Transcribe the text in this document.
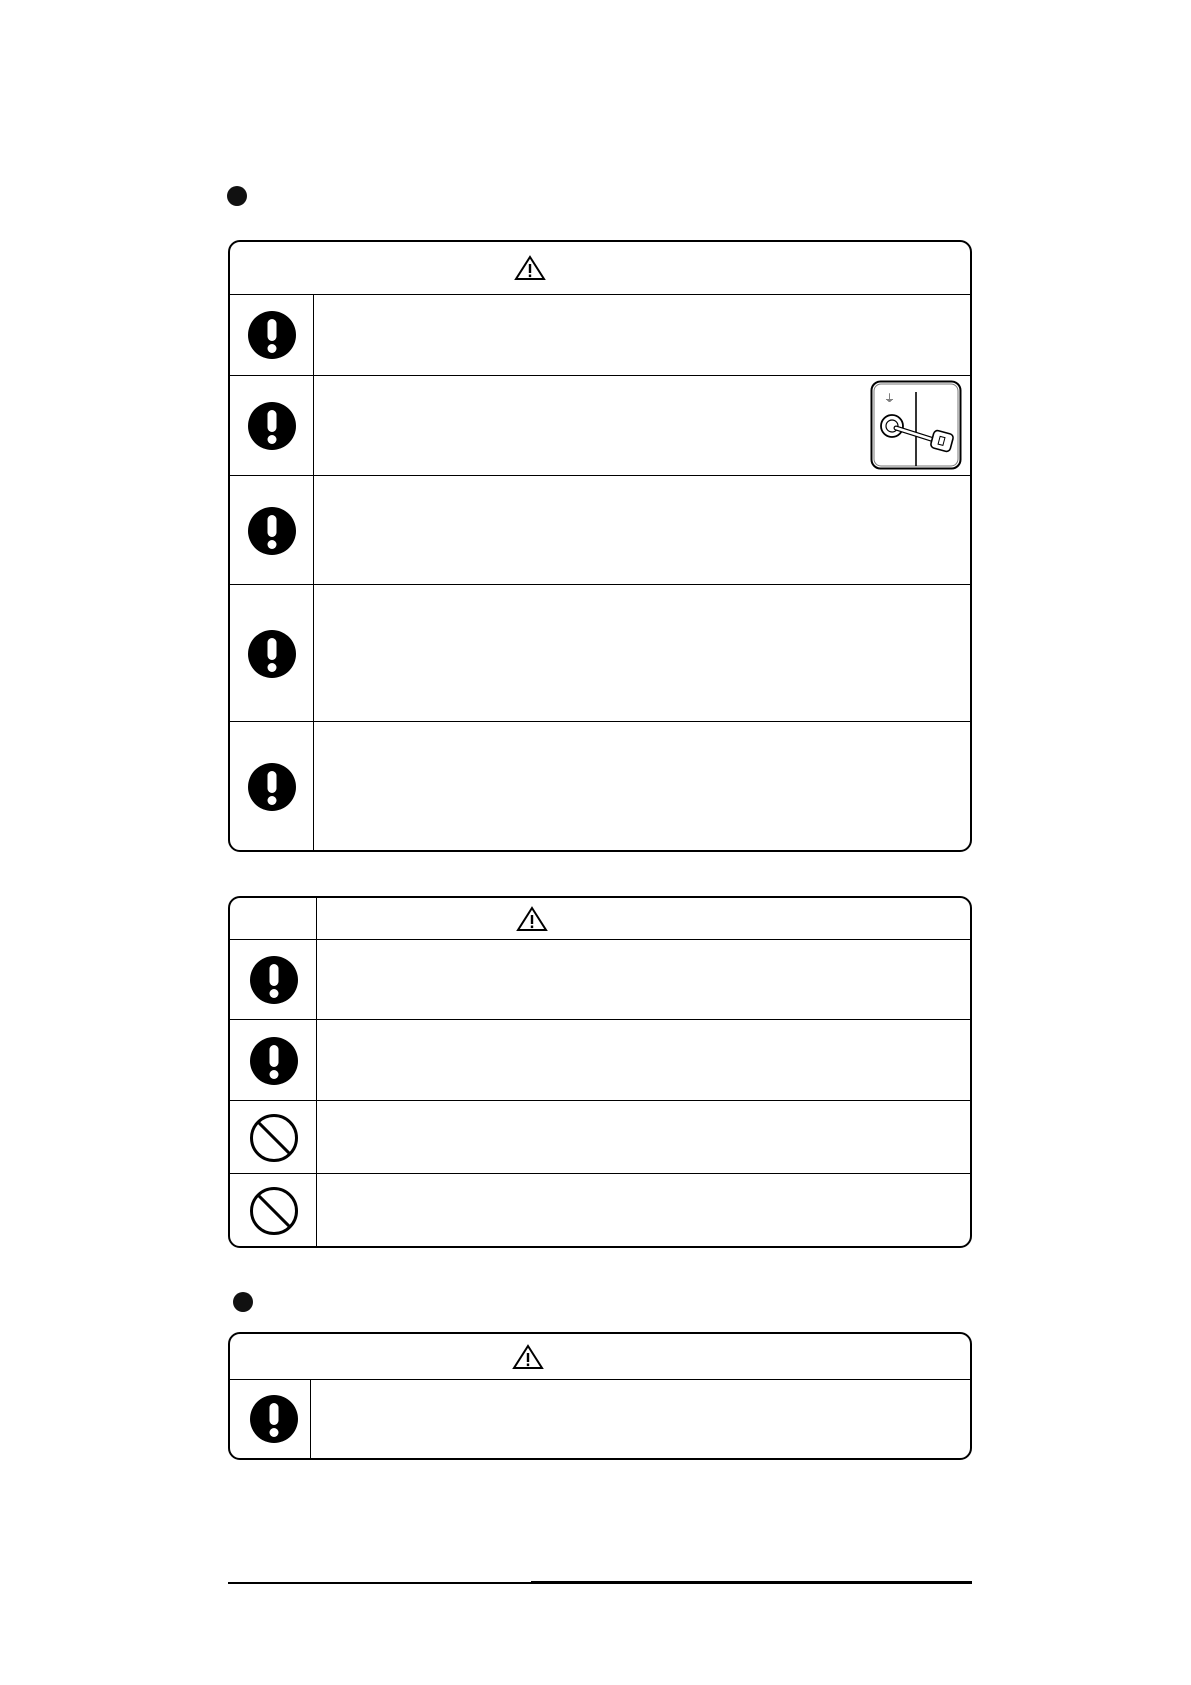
⏚
